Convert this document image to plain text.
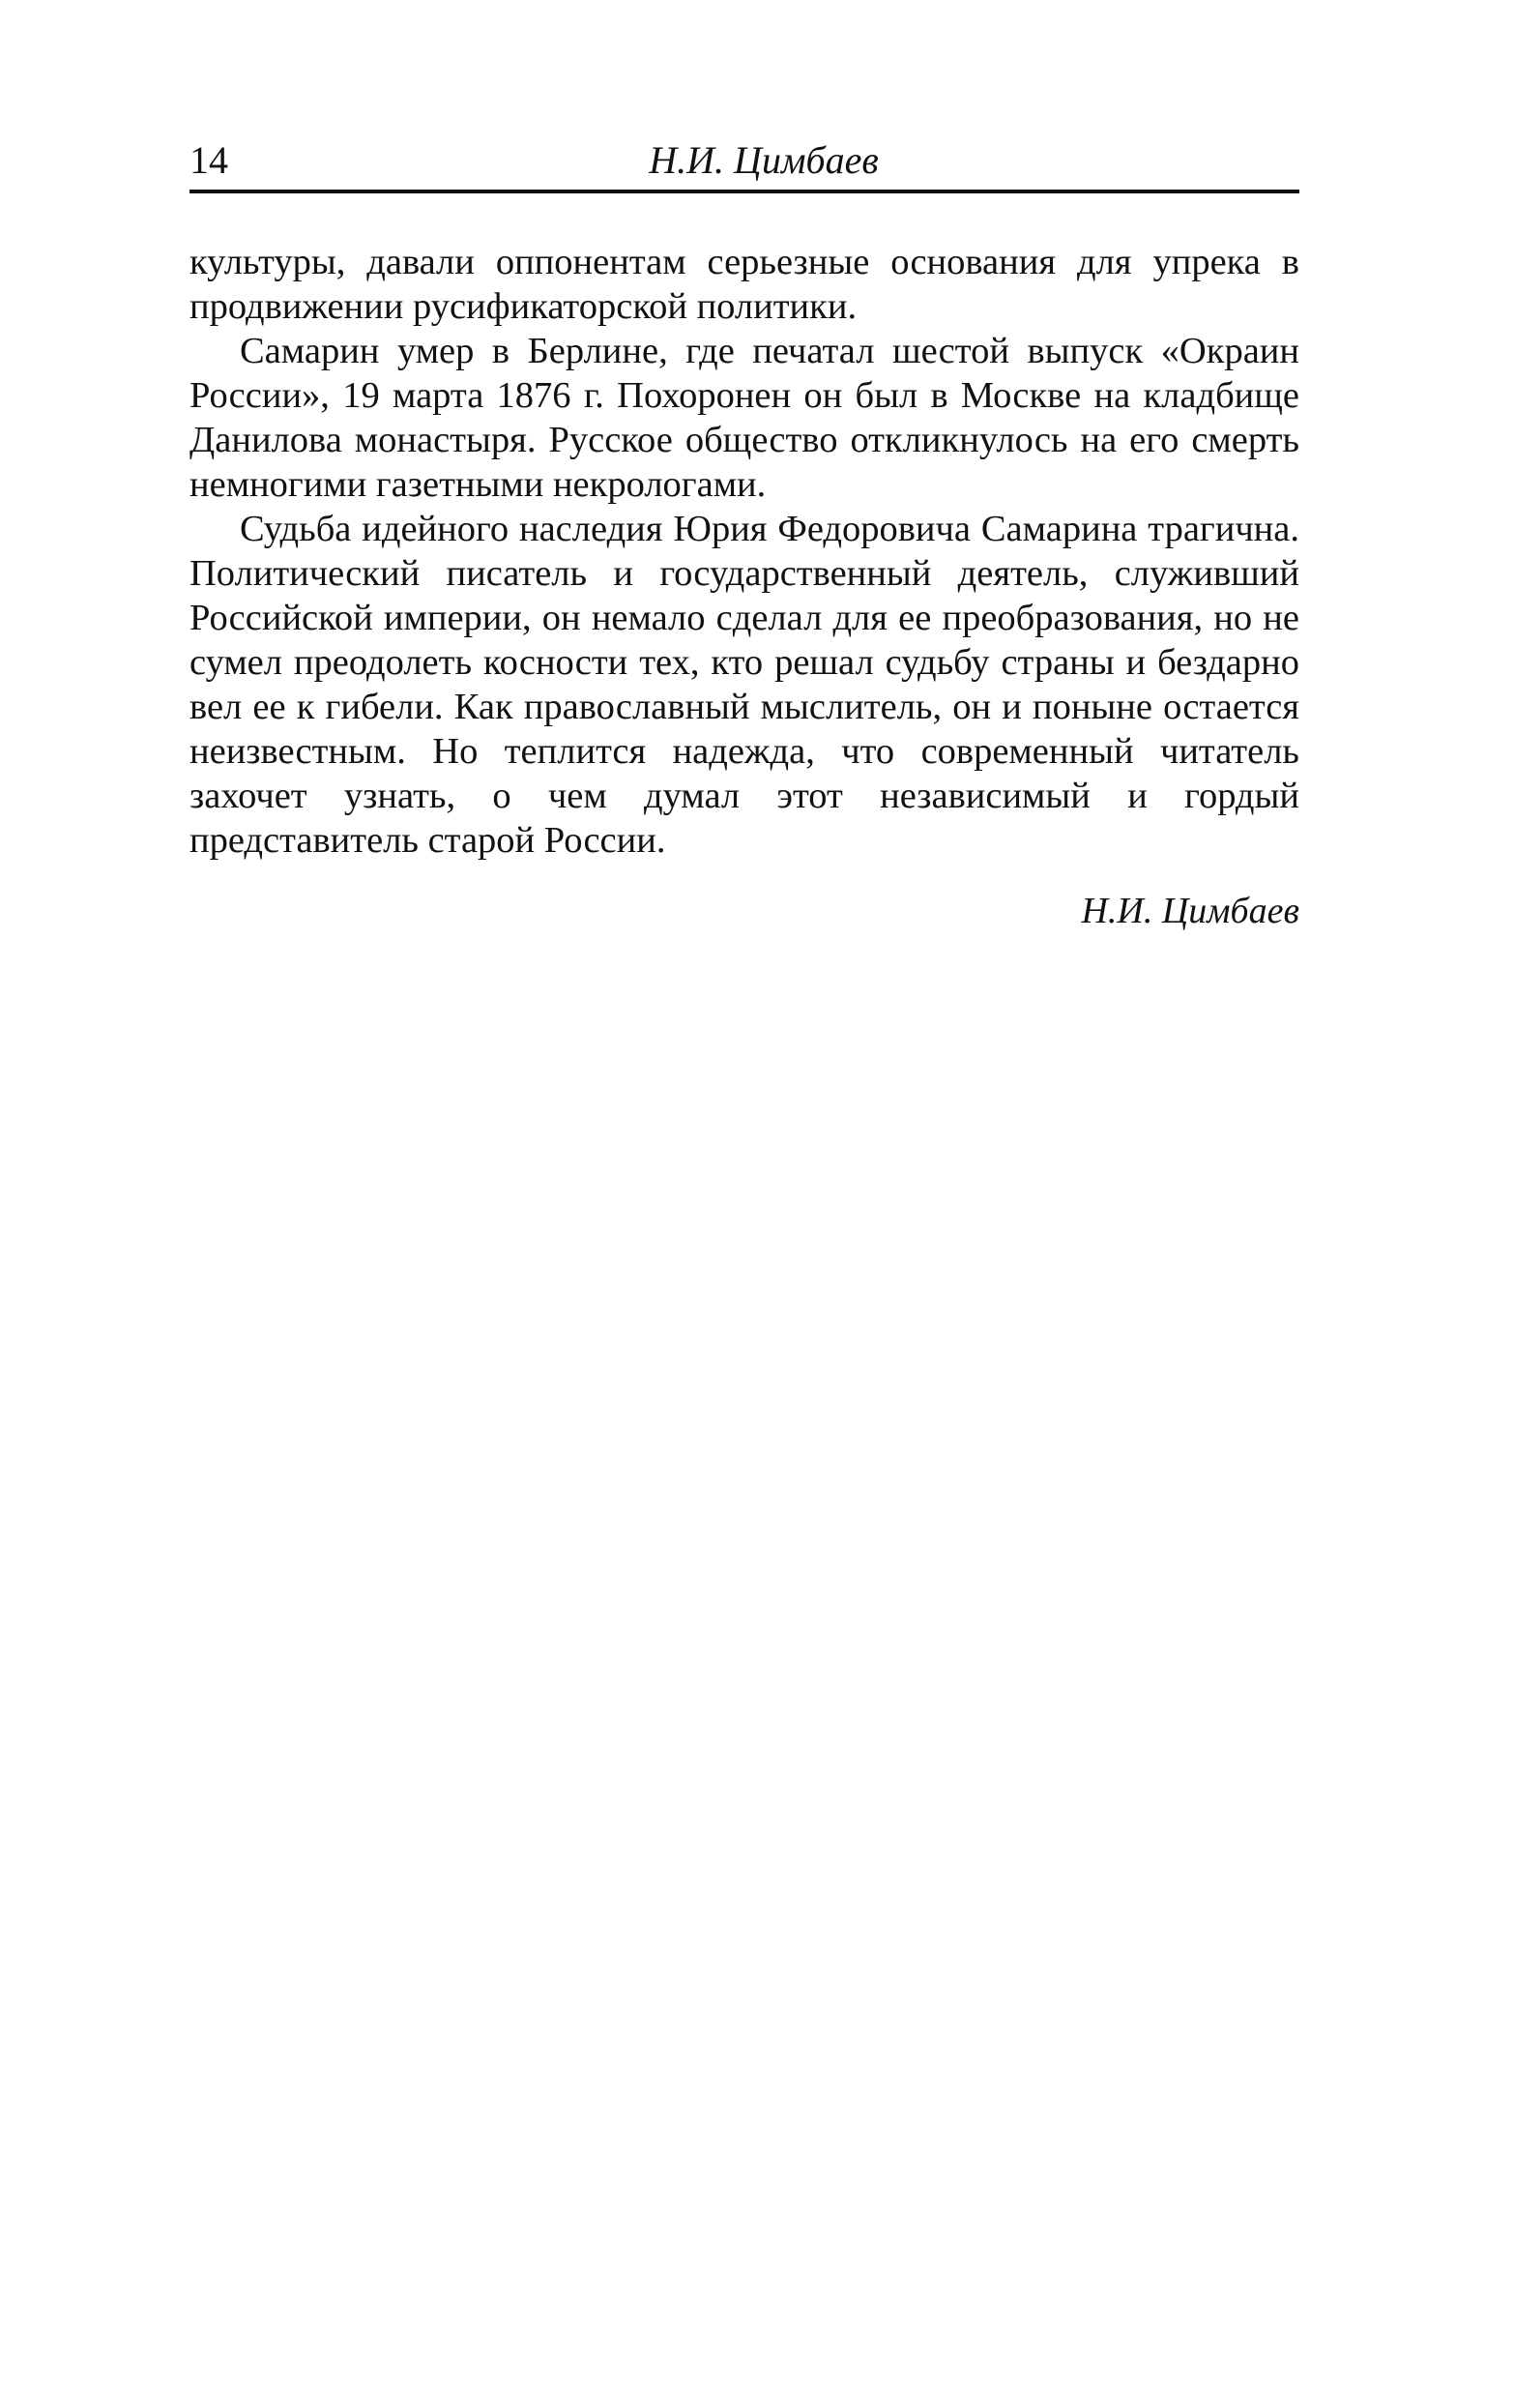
14	Н.И. Цимбаев

культуры, давали оппонентам серьезные основания для упрека в продвижении русификаторской политики.

Самарин умер в Берлине, где печатал шестой выпуск «Окраин России», 19 марта 1876 г. Похоронен он был в Москве на кладбище Данилова монастыря. Русское общество откликнулось на его смерть немногими газетными некрологами.

Судьба идейного наследия Юрия Федоровича Самарина трагична. Политический писатель и государственный деятель, служивший Российской империи, он немало сделал для ее преобразования, но не сумел преодолеть косности тех, кто решал судьбу страны и бездарно вел ее к гибели. Как православный мыслитель, он и поныне остается неизвестным. Но теплится надежда, что современный читатель захочет узнать, о чем думал этот независимый и гордый представитель старой России.

Н.И. Цимбаев
